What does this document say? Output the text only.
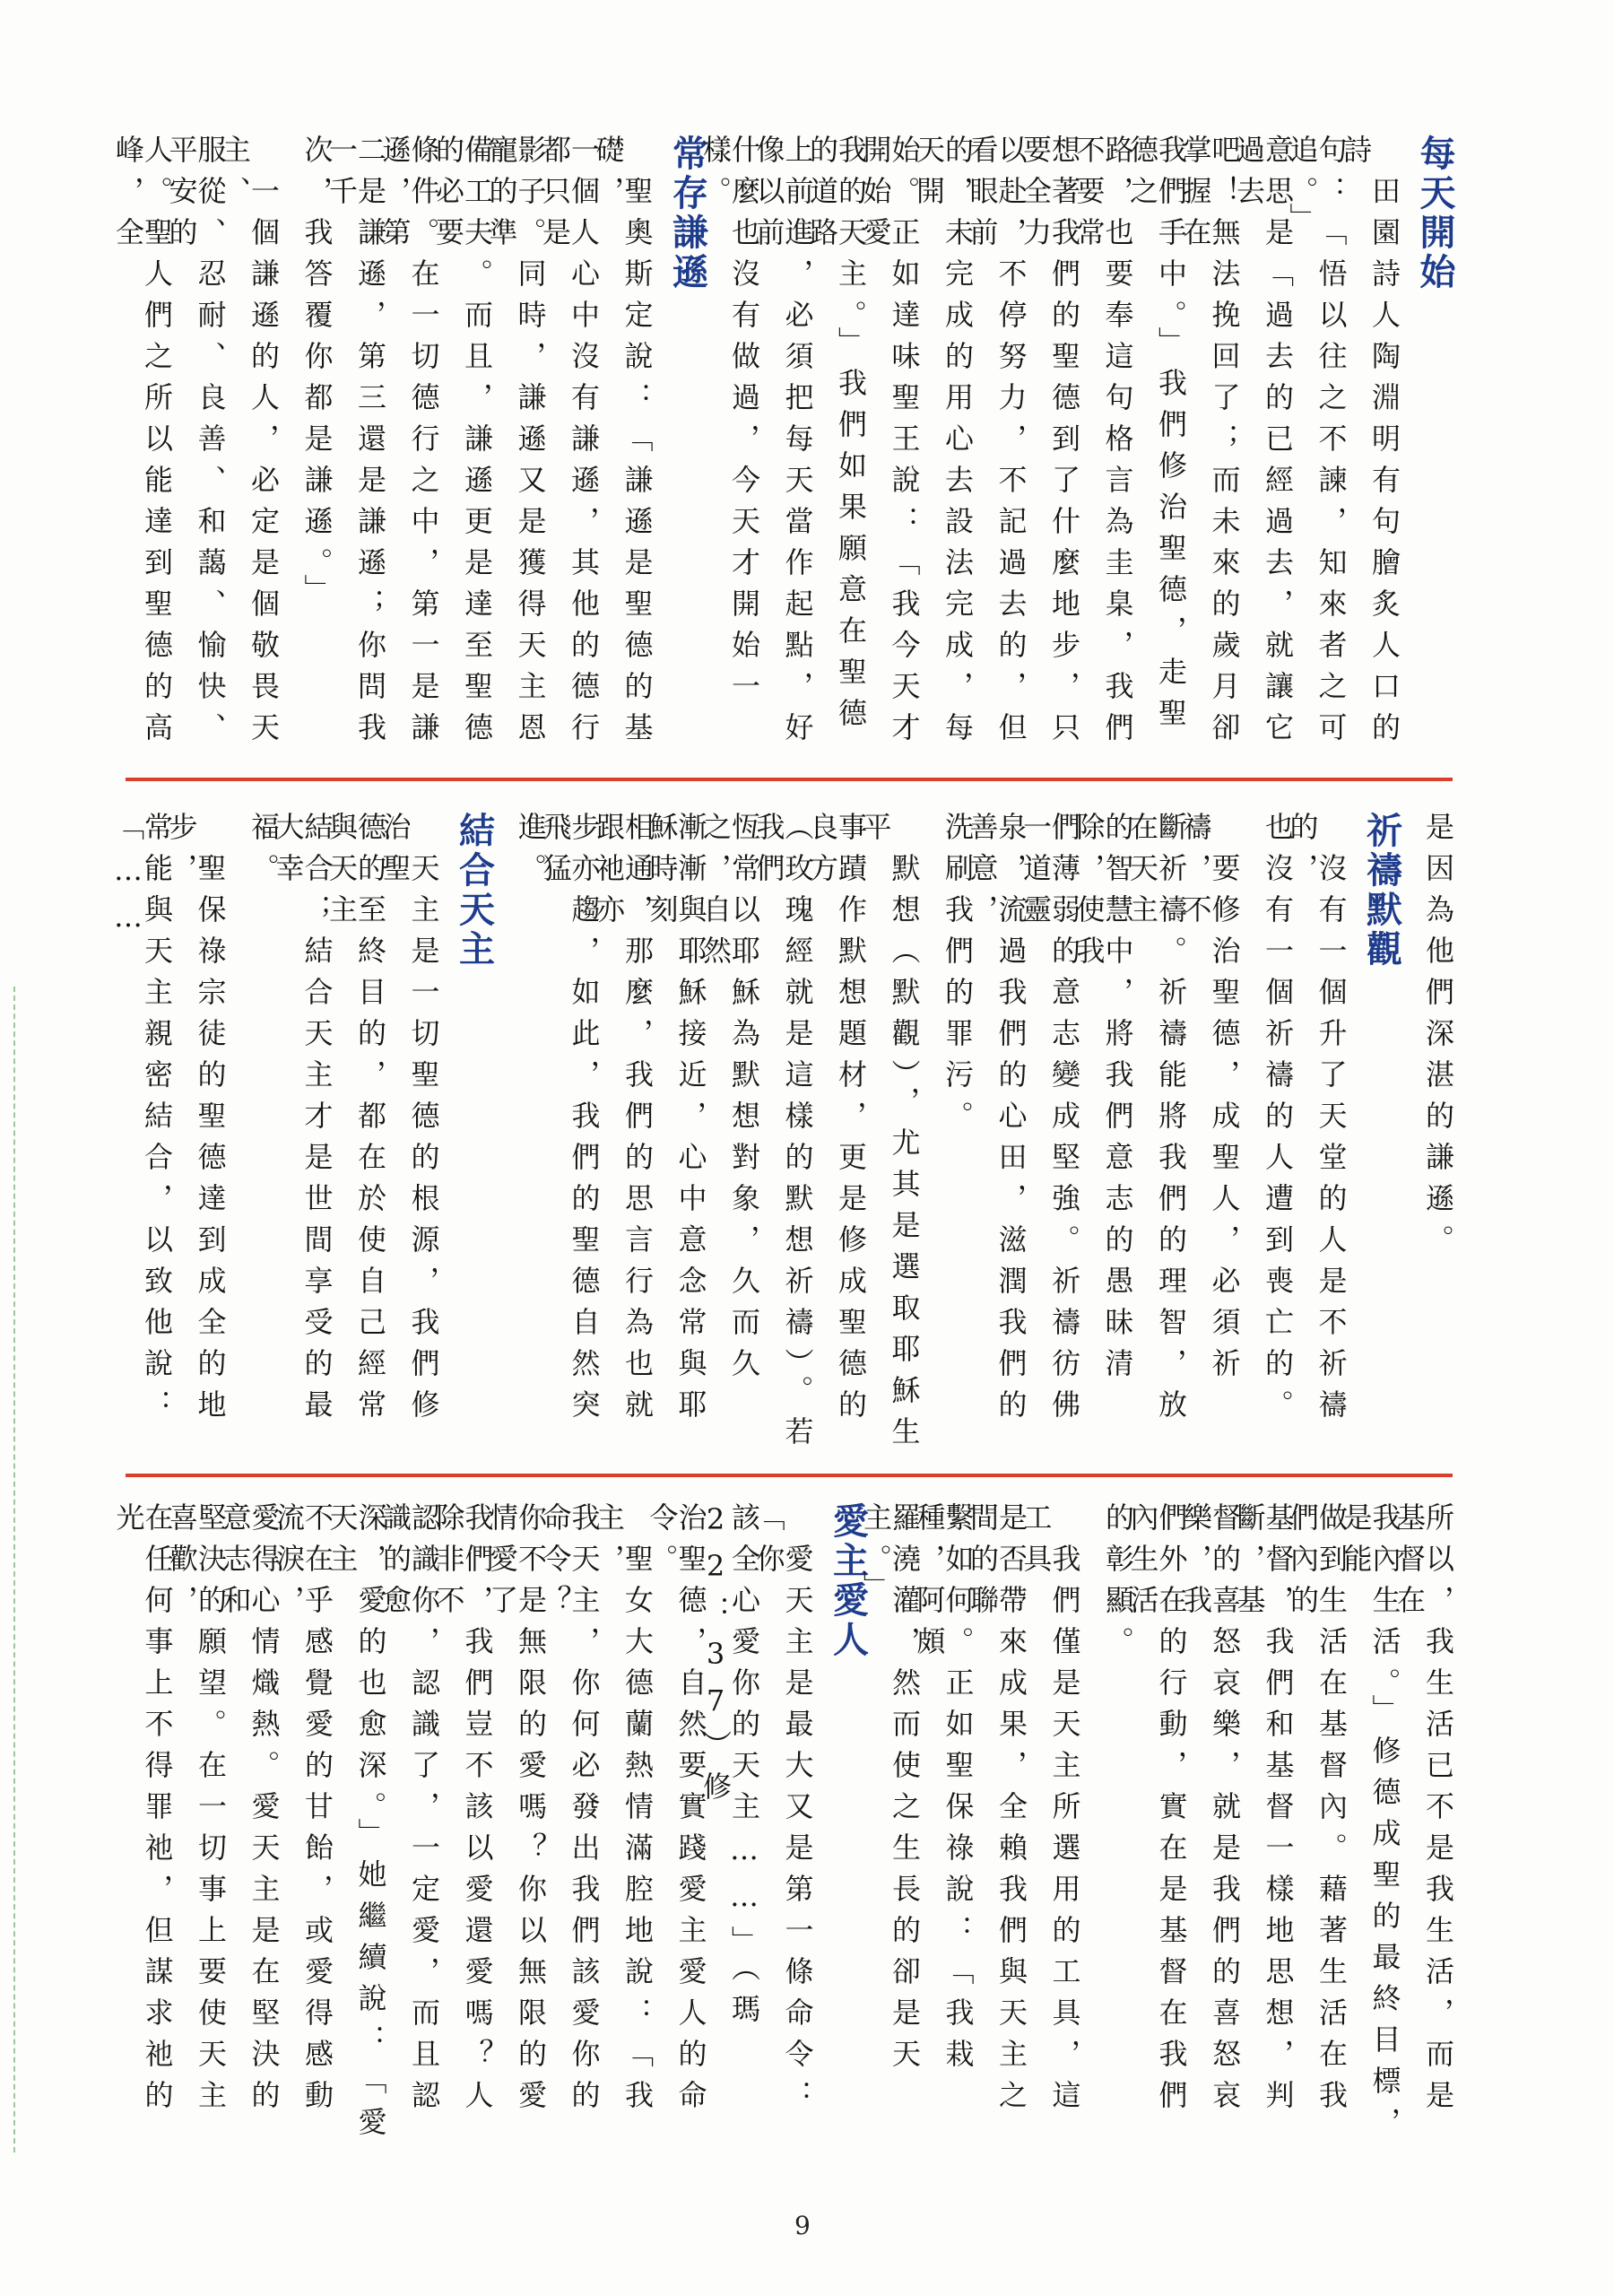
每天開始
　田園詩人陶淵明有句膾炙人口的詩
句：「悟以往之不諫，知來者之可追。」
意思是「過去的已經過去，就讓它過去
吧！無法挽回了；而未來的歲月卻掌握在
我們手中。」我們修治聖德，走聖德之
路，也要奉這句格言為圭臬，我們不要常
想著我們的聖德到了什麼地步，只要全力
以赴，不停努力，不記過去的，但看眼前
的，未完成的用心去設法完成，每天開
始。正如達味聖王說：「我今天才開始愛
我的天主。」我們如果願意在聖德的道路
上前進，必須把每天當作起點，好像以前
什麼也沒有做過，今天才開始一樣。
常存謙遜
　聖奧斯定說：「謙遜是聖德的基礎，
一個人心中沒有謙遜，其他的德行都只是
影子。同時，謙遜又是獲得天主恩寵的準
備工夫。而且，謙遜更是達至聖德的必要
條件。在一切德行之中，第一是謙遜，第
二是謙遜，第三還是謙遜；你問我一千
次，我答覆你都是謙遜。」
　一個謙遜的人，必定是個敬畏天主、
服從、忍耐、良善、和藹、愉快、平安的
人。聖人們之所以能達到聖德的高峰，全
是因為他們深湛的謙遜。
祈禱默觀
　沒有一個升了天堂的人是不祈禱的，
也沒有一個祈禱的人遭到喪亡的。
　要修治聖德，成聖人，必須祈禱，不
斷祈禱。祈禱能將我們的理智，放在天主
的智慧中，將我們意志的愚昧清除，使我
們薄弱的意志變成堅強。祈禱彷佛一道靈
泉，流過我們的心田，滋潤我們的善意，
洗刷我們的罪污。
　默想（默觀），尤其是選取耶穌生平
事蹟作默想題材，更是修成聖德的良方
（玫瑰經就是這樣的默想祈禱）。若我們
恆常以耶穌為默想對象，久而久之，自然
漸漸與耶穌接近，心中意念常與耶穌時刻
相通，那麼，我們的思言行為也就跟祂亦
步亦趨，如此，我們的聖德自然突飛猛
進。
結合天主
　天主是一切聖德的根源，我們修治聖
德的至終目的，都在於使自己經常與天主
結合；結合天主才是世間享受的最大幸
福。
　聖保祿宗徒的聖德達到成全的地步，
常能與天主親密結合，以致他說：「……
所以，我生活已不是我生活，而是基督在
我內生活。」修德成聖的最終目標，是能
做到生活在基督內。藉著生活在我們內的
基督，我們和基督一樣地思想，判斷，基
督的喜怒哀樂，就是我們的喜怒哀樂，我
們外在的行動，實在是基督在我們內生活
的彰顯。
　我們僅是天主所選用的工具，這工具
是否帶來成果，全賴我們與天主之間的聯
繫如何。正如聖保祿說：「我栽種，阿頗
羅澆灌，然而使之生長的卻是天主。」
愛主愛人
　愛天主是最大又是第一條命令：「你
該全心愛你的天主……」（瑪22：37）修
治聖德，自然要實踐愛主愛人的命令。
　聖女大德蘭熱情滿腔地說：「我主，
我天主，你何必發出我們該愛你的命令？
你不是無限的愛嗎？你以無限的愛情愛了
我們，我們豈不該以愛還愛嗎？人除非不
認識你，認識了，一定愛，而且認識的愈
深，愛的也愈深。」她繼續說：「愛天主
不在乎感覺愛的甘飴，或愛得感動流淚，
愛得心情熾熱。愛天主是在堅決的意志和
堅決的願望。在一切事上要使天主喜歡，
在任何事上不得罪祂，但謀求祂的光
9
